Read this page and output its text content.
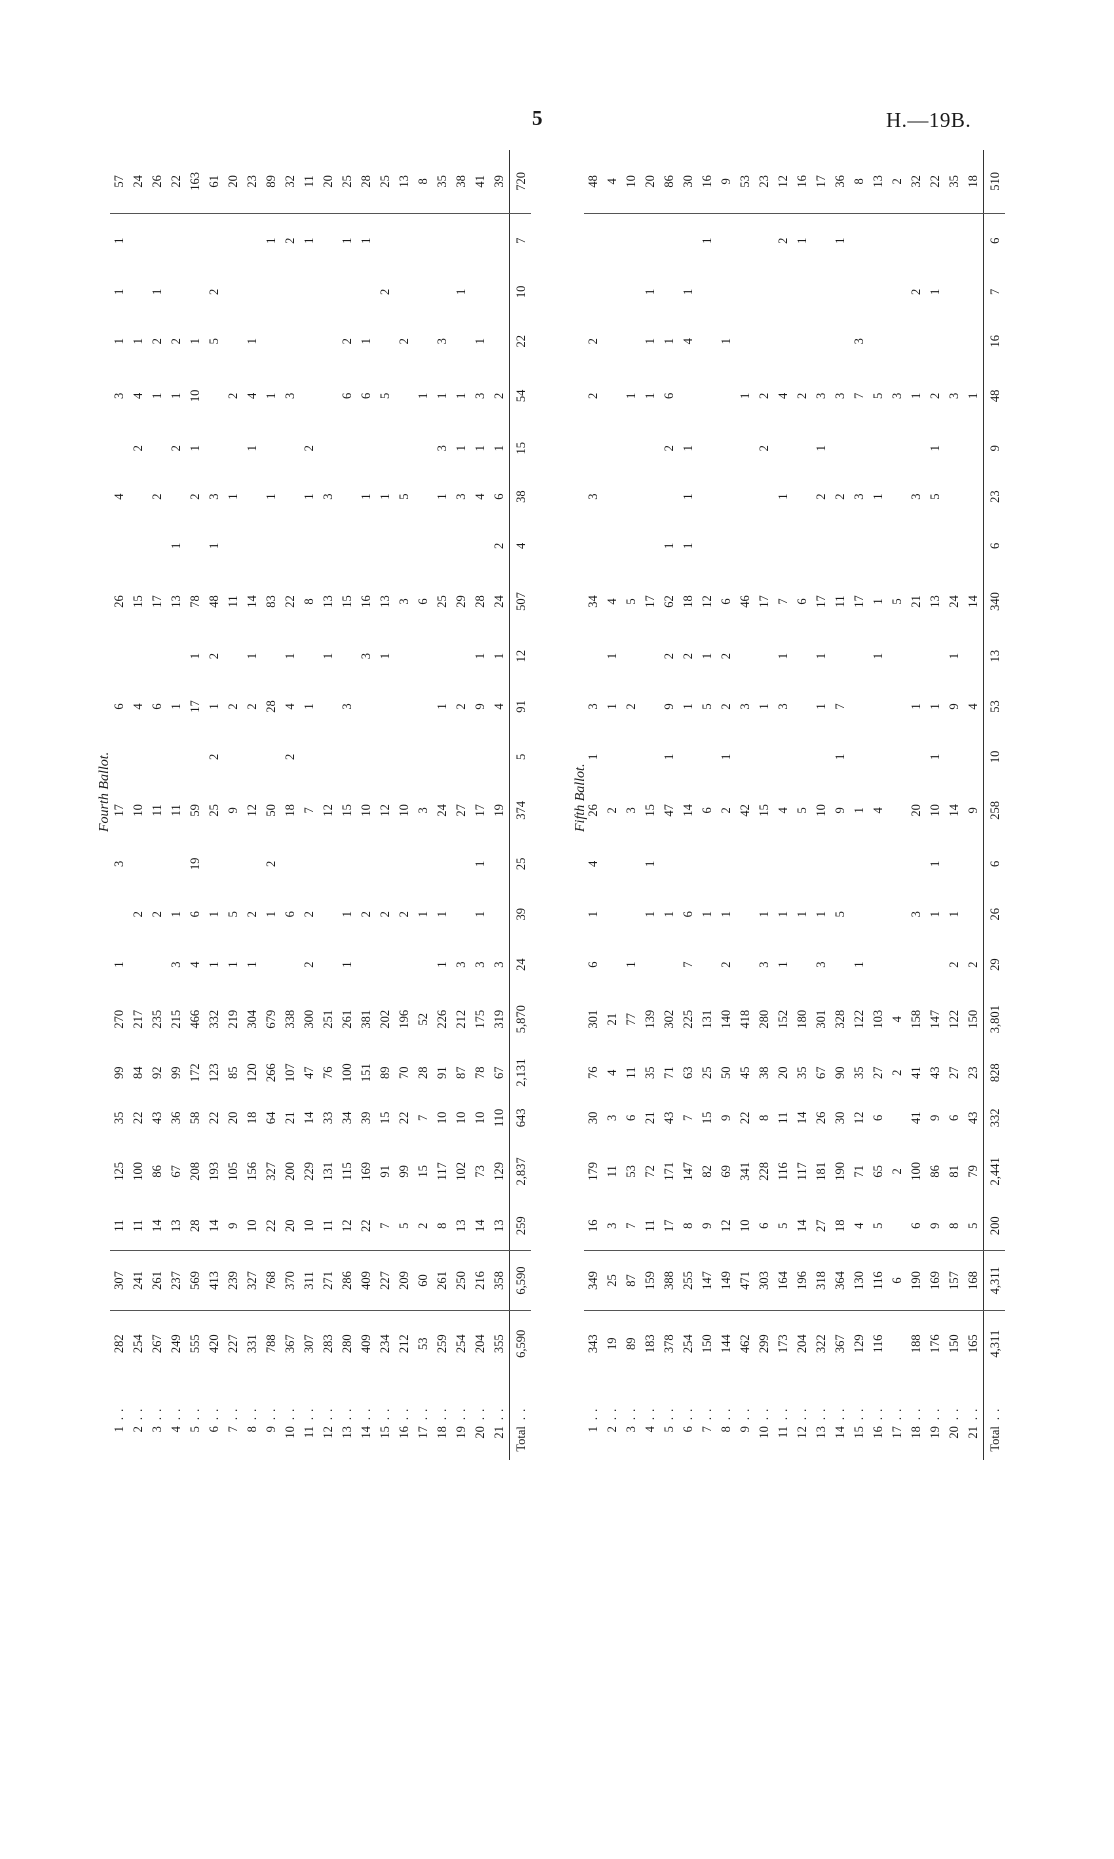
5	H.—19B.
Fourth Ballot.
1	. .	282	307	11	125	35	99	270	1		3	17		6		26		4		3	1	1	1	57
2	. .	254	241	11	100	22	84	217		2		10		4		15			2	4	1			24
3	. .	267	261	14	86	43	92	235		2		11		6		17		2		1	2	1		26
4	. .	249	237	13	67	36	99	215	3	1		11		1		13	1		2	1	2			22
5	. .	555	569	28	208	58	172	466	4	6	19	59		17	1	78		2	1	10	1			163
6	. .	420	413	14	193	22	123	332	1	1		25	2	1	2	48	1	3			5	2		61
7	. .	227	239	9	105	20	85	219	1	5		9		2		11		1		2				20
8	. .	331	327	10	156	18	120	304	1	2		12		2	1	14			1	4	1			23
9	. .	788	768	22	327	64	266	679		1	2	50		28		83		1		1			1	89
10	. .	367	370	20	200	21	107	338		6		18	2	4	1	22				3			2	32
11	. .	307	311	10	229	14	47	300	2	2		7		1		8		1	2				1	11
12	. .	283	271	11	131	33	76	251				12			1	13		3						20
13	. .	280	286	12	115	34	100	261	1	1		15		3		15				6	2		1	25
14	. .	409	409	22	169	39	151	381		2		10			3	16		1		6	1		1	28
15	. .	234	227	7	91	15	89	202		2		12			1	13		1		5		2		25
16	. .	212	209	5	99	22	70	196		2		10				3		5			2			13
17	. .	53	60	2	15	7	28	52		1		3				6				1				8
18	. .	259	261	8	117	10	91	226	1	1		24		1		25		1	3	1	3			35
19	. .	254	250	13	102	10	87	212	3			27		2		29		3	1	1		1		38
20	. .	204	216	14	73	10	78	175	3	1	1	17		9	1	28		4	1	3	1			41
21	. .	355	358	13	129	110	67	319	3			19		4	1	24	2	6	1	2				39
Total	. .	6,590	6,590	259	2,837	643	2,131	5,870	24	39	25	374	5	91	12	507	4	38	15	54	22	10	7	720
Fifth Ballot.
1	. .	343	349	16	179	30	76	301	6	1	4	26	1	3		34		3		2	2			48
2	. .	19	25	3	11	3	4	21				2		1	1	4								4
3	. .	89	87	7	53	6	11	77	1			3		2		5				1				10
4	. .	183	159	11	72	21	35	139		1	1	15				17				1	1	1		20
5	. .	378	388	17	171	43	71	302		1		47	1	9	2	62	1		2	6	1			86
6	. .	254	255	8	147	7	63	225	7	6		14		1	2	18	1	1	1		4	1		30
7	. .	150	147	9	82	15	25	131		1		6		5	1	12							1	16
8	. .	144	149	12	69	9	50	140	2	1		2	1	2	2	6					1			9
9	. .	462	471	10	341	22	45	418				42		3		46				1				53
10	. .	299	303	6	228	8	38	280	3	1		15		1		17			2	2				23
11	. .	173	164	5	116	11	20	152	1	1		4		3	1	7		1		4			2	12
12	. .	204	196	14	117	14	35	180		1		5				6				2			1	16
13	. .	322	318	27	181	26	67	301	3	1		10		1	1	17		2	1	3				17
14	. .	367	364	18	190	30	90	328		5		9	1	7		11		2		3			1	36
15	. .	129	130	4	71	12	35	122	1			1				17		3		7	3			8
16	. .	116	116	5	65	6	27	103				4			1	1		1		5				13
17	. .		6		2		2	4								5				3				2
18	. .	188	190	6	100	41	41	158		3		20		1		21		3		1		2		32
19	. .	176	169	9	86	9	43	147		1	1	10	1	1		13		5	1	2		1		22
20	. .	150	157	8	81	6	27	122	2	1		14		9	1	24				3				35
21	. .	165	168	5	79	43	23	150	2			9		4		14				1				18
Total	. .	4,311	4,311	200	2,441	332	828	3,801	29	26	6	258	10	53	13	340	6	23	9	48	16	7	6	510
